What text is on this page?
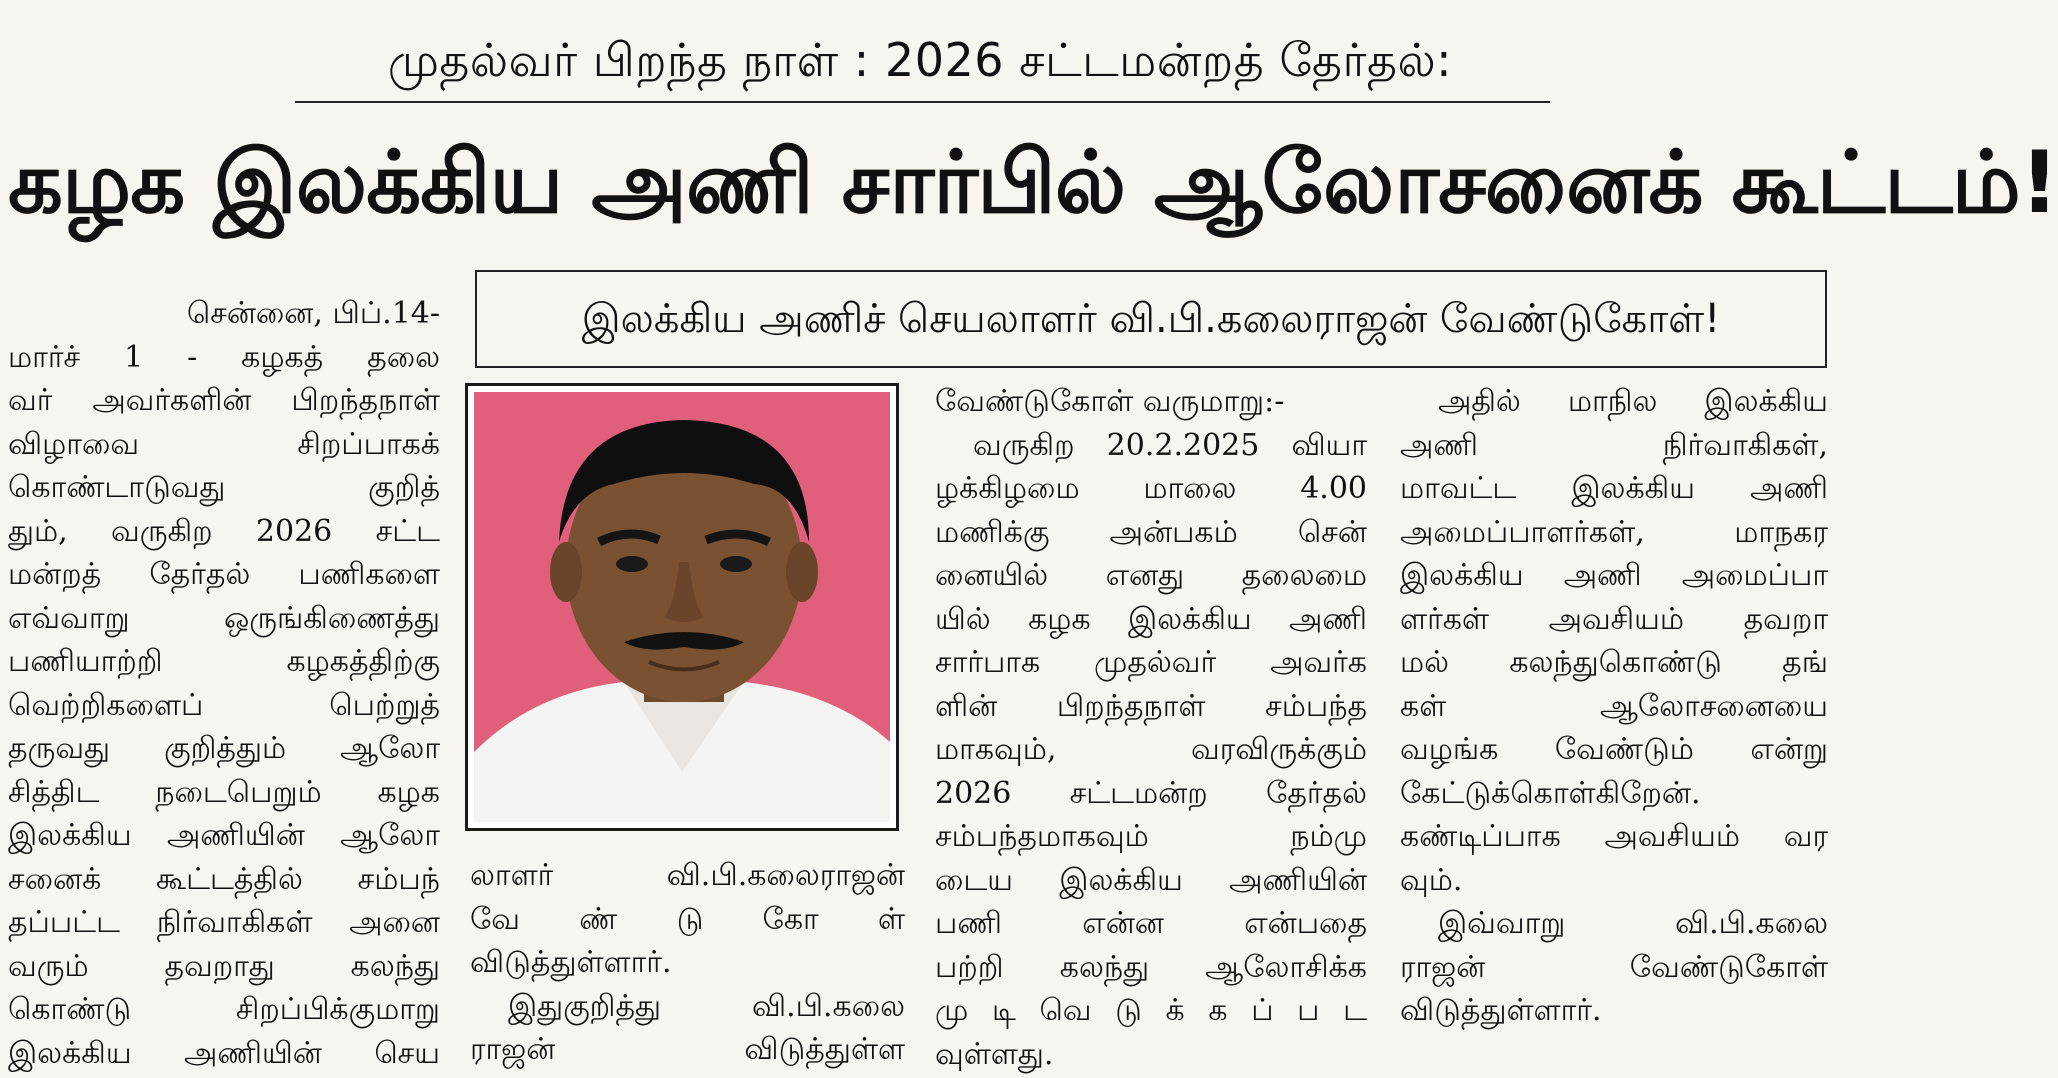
முதல்வர் பிறந்த நாள் : 2026 சட்டமன்றத் தேர்தல்:
கழக இலக்கிய அணி சார்பில் ஆலோசனைக் கூட்டம்!
இலக்கிய அணிச் செயலாளர் வி.பி.கலைராஜன் வேண்டுகோள்!
சென்னை, பிப்.14-
மார்ச் 1 - கழகத் தலை
வர் அவர்களின் பிறந்தநாள்
விழாவை சிறப்பாகக்
கொண்டாடுவது குறித்
தும், வருகிற 2026 சட்ட
மன்றத் தேர்தல் பணிகளை
எவ்வாறு ஒருங்கிணைத்து
பணியாற்றி கழகத்திற்கு
வெற்றிகளைப் பெற்றுத்
தருவது குறித்தும் ஆலோ
சித்திட நடைபெறும் கழக
இலக்கிய அணியின் ஆலோ
சனைக் கூட்டத்தில் சம்பந்
தப்பட்ட நிர்வாகிகள் அனை
வரும் தவறாது கலந்து
கொண்டு சிறப்பிக்குமாறு
இலக்கிய அணியின் செய
லாளர் வி.பி.கலைராஜன்
வே ண் டு கோ ள்
விடுத்துள்ளார்.
இதுகுறித்து வி.பி.கலை
ராஜன் விடுத்துள்ள
வேண்டுகோள் வருமாறு:-
வருகிற 20.2.2025 வியா
ழக்கிழமை மாலை 4.00
மணிக்கு அன்பகம் சென்
னையில் எனது தலைமை
யில் கழக இலக்கிய அணி
சார்பாக முதல்வர் அவர்க
ளின் பிறந்தநாள் சம்பந்த
மாகவும், வரவிருக்கும்
2026 சட்டமன்ற தேர்தல்
சம்பந்தமாகவும் நம்மு
டைய இலக்கிய அணியின்
பணி என்ன என்பதை
பற்றி கலந்து ஆலோசிக்க
மு டி வெ டு க் க ப் ப ட
வுள்ளது.
அதில் மாநில இலக்கிய
அணி நிர்வாகிகள்,
மாவட்ட இலக்கிய அணி
அமைப்பாளர்கள், மாநகர
இலக்கிய அணி அமைப்பா
ளர்கள் அவசியம் தவறா
மல் கலந்துகொண்டு தங்
கள் ஆலோசனையை
வழங்க வேண்டும் என்று
கேட்டுக்கொள்கிறேன்.
கண்டிப்பாக அவசியம் வர
வும்.
இவ்வாறு வி.பி.கலை
ராஜன் வேண்டுகோள்
விடுத்துள்ளார்.
